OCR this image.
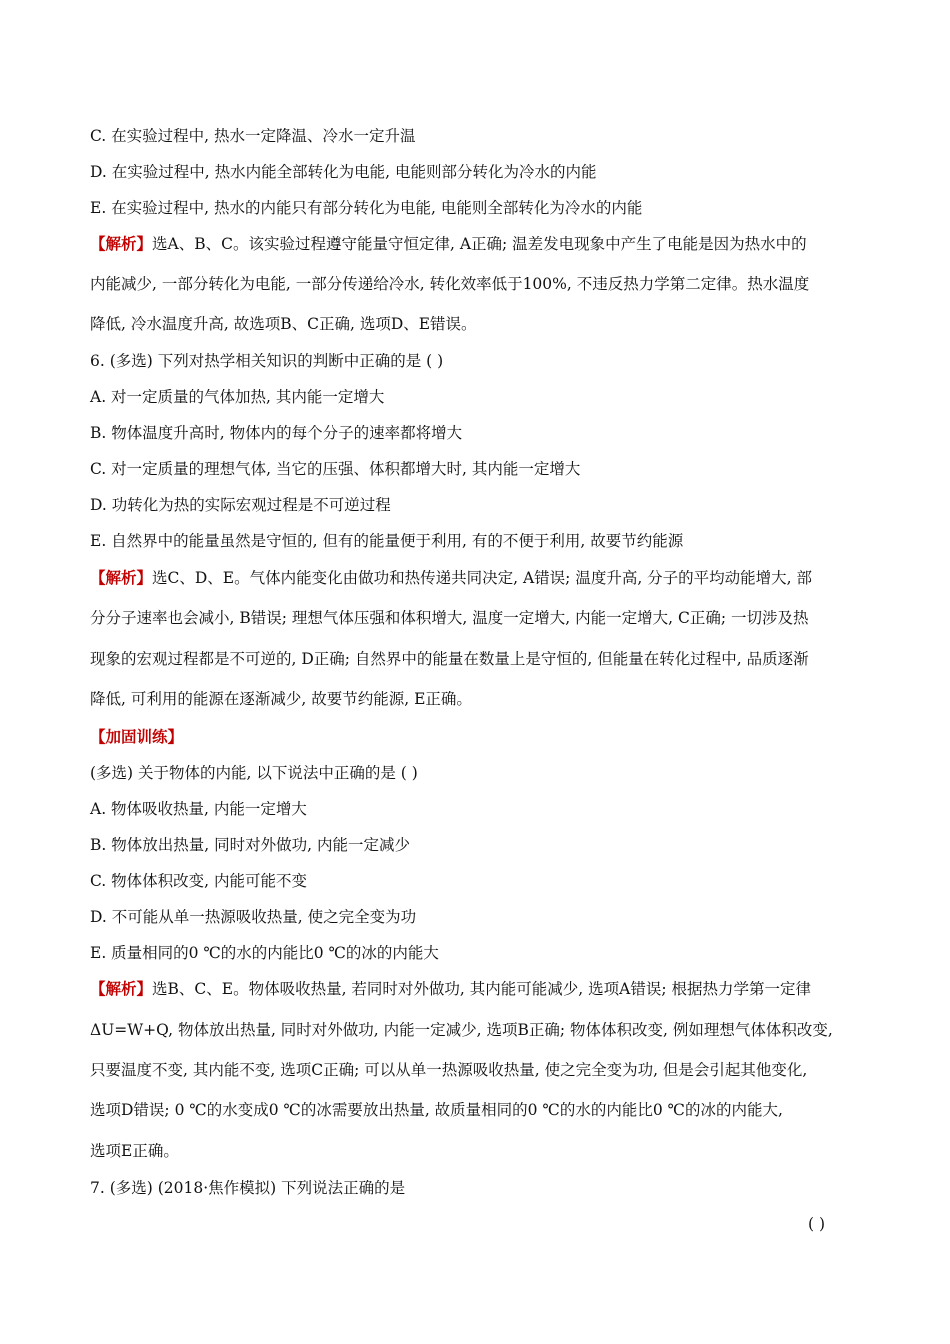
C. 在实验过程中, 热水一定降温、冷水一定升温
D. 在实验过程中, 热水内能全部转化为电能, 电能则部分转化为冷水的内能
E. 在实验过程中, 热水的内能只有部分转化为电能, 电能则全部转化为冷水的内能
【解析】选A、B、C。该实验过程遵守能量守恒定律, A正确; 温差发电现象中产生了电能是因为热水中的
内能减少, 一部分转化为电能, 一部分传递给冷水, 转化效率低于100%, 不违反热力学第二定律。热水温度
降低, 冷水温度升高, 故选项B、C正确, 选项D、E错误。
6. (多选) 下列对热学相关知识的判断中正确的是 ( )
A. 对一定质量的气体加热, 其内能一定增大
B. 物体温度升高时, 物体内的每个分子的速率都将增大
C. 对一定质量的理想气体, 当它的压强、体积都增大时, 其内能一定增大
D. 功转化为热的实际宏观过程是不可逆过程
E. 自然界中的能量虽然是守恒的, 但有的能量便于利用, 有的不便于利用, 故要节约能源
【解析】选C、D、E。气体内能变化由做功和热传递共同决定, A错误; 温度升高, 分子的平均动能增大, 部
分分子速率也会减小, B错误; 理想气体压强和体积增大, 温度一定增大, 内能一定增大, C正确; 一切涉及热
现象的宏观过程都是不可逆的, D正确; 自然界中的能量在数量上是守恒的, 但能量在转化过程中, 品质逐渐
降低, 可利用的能源在逐渐减少, 故要节约能源, E正确。
【加固训练】
(多选) 关于物体的内能, 以下说法中正确的是 ( )
A. 物体吸收热量, 内能一定增大
B. 物体放出热量, 同时对外做功, 内能一定减少
C. 物体体积改变, 内能可能不变
D. 不可能从单一热源吸收热量, 使之完全变为功
E. 质量相同的0 ℃的水的内能比0 ℃的冰的内能大
【解析】选B、C、E。物体吸收热量, 若同时对外做功, 其内能可能减少, 选项A错误; 根据热力学第一定律
ΔU=W+Q, 物体放出热量, 同时对外做功, 内能一定减少, 选项B正确; 物体体积改变, 例如理想气体体积改变,
只要温度不变, 其内能不变, 选项C正确; 可以从单一热源吸收热量, 使之完全变为功, 但是会引起其他变化,
选项D错误; 0 ℃的水变成0 ℃的冰需要放出热量, 故质量相同的0 ℃的水的内能比0 ℃的冰的内能大,
选项E正确。
7. (多选) (2018·焦作模拟) 下列说法正确的是
( )
